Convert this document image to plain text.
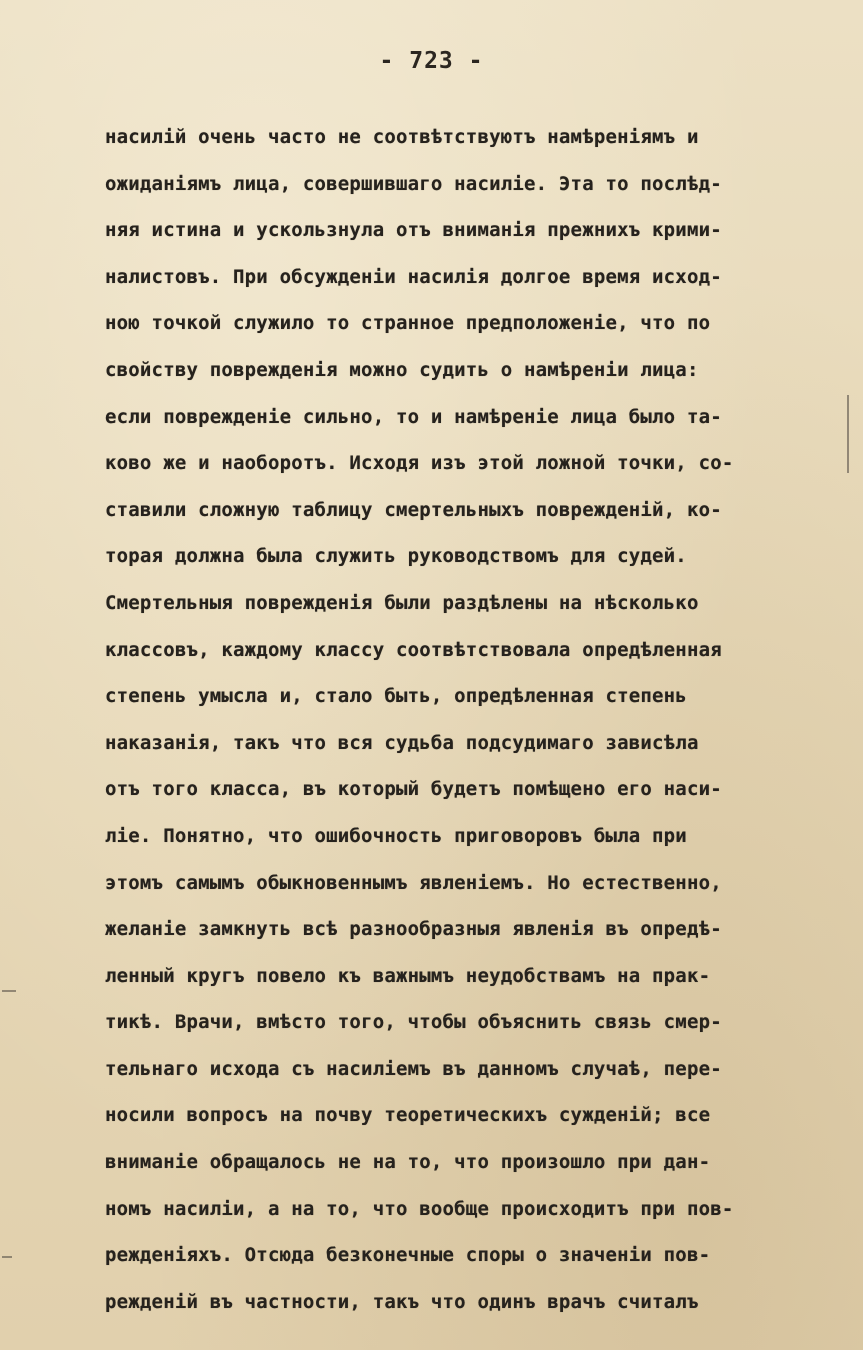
- 723 -
насилій очень часто не соотвѣтствуютъ намѣреніямъ и
ожиданіямъ лица, совершившаго насиліе. Эта то послѣд-
няя истина и ускользнула отъ вниманія прежнихъ крими-
налистовъ. При обсужденіи насилія долгое время исход-
ною точкой служило то странное предположеніе, что по
свойству поврежденія можно судить о намѣреніи лица:
если поврежденіе сильно, то и намѣреніе лица было та-
ково же и наоборотъ. Исходя изъ этой ложной точки, со-
ставили сложную таблицу смертельныхъ поврежденій, ко-
торая должна была служить руководствомъ для судей.
Смертельныя поврежденія были раздѣлены на нѣсколько
классовъ, каждому классу соотвѣтствовала опредѣленная
степень умысла и, стало быть, опредѣленная степень
наказанія, такъ что вся судьба подсудимаго зависѣла
отъ того класса, въ который будетъ помѣщено его наси-
ліе. Понятно, что ошибочность приговоровъ была при
этомъ самымъ обыкновеннымъ явленіемъ. Но естественно,
желаніе замкнуть всѣ разнообразныя явленія въ опредѣ-
ленный кругъ повело къ важнымъ неудобствамъ на прак-
тикѣ. Врачи, вмѣсто того, чтобы объяснить связь смер-
тельнаго исхода съ насиліемъ въ данномъ случаѣ, пере-
носили вопросъ на почву теоретическихъ сужденій; все
вниманіе обращалось не на то, что произошло при дан-
номъ насиліи, а на то, что вообще происходитъ при пов-
режденіяхъ. Отсюда безконечные споры о значеніи пов-
режденій въ частности, такъ что одинъ врачъ считалъ
